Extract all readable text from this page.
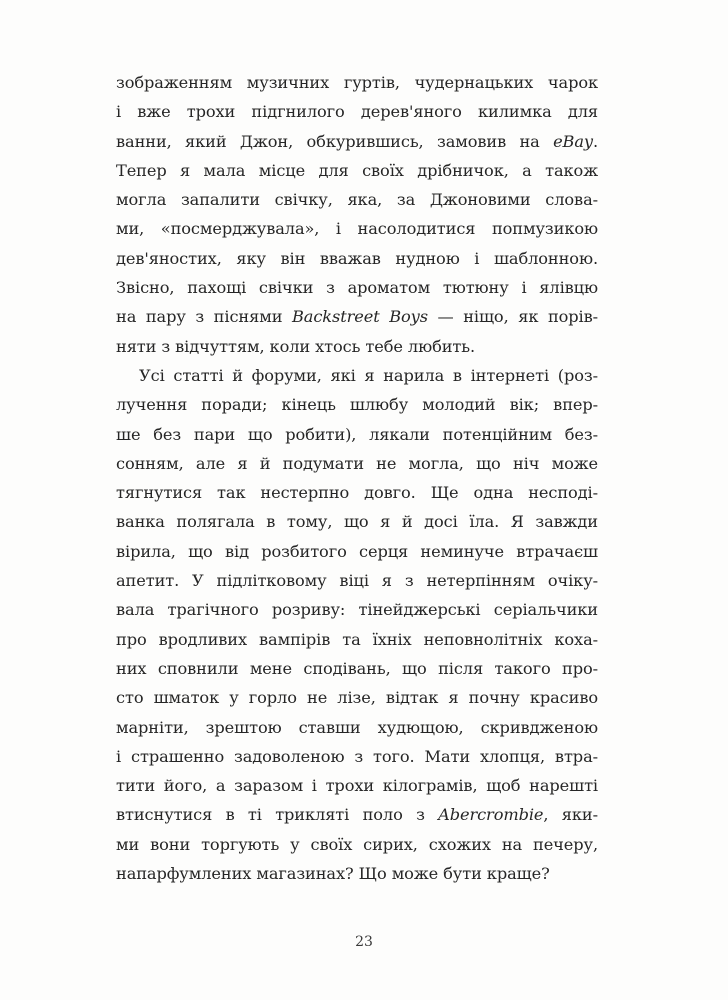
зображенням музичних гуртів, чудернацьких чарок
і вже трохи підгнилого дерев'яного килимка для
ванни, який Джон, обкурившись, замовив на eBay.
Тепер я мала місце для своїх дрібничок, а також
могла запалити свічку, яка, за Джоновими слова-
ми, «посмерджувала», і насолодитися попмузикою
дев'яностих, яку він вважав нудною і шаблонною.
Звісно, пахощі свічки з ароматом тютюну і ялівцю
на пару з піснями Backstreet Boys — ніщо, як порів-
няти з відчуттям, коли хтось тебе любить.
Усі статті й форуми, які я нарила в інтернеті (роз-
лучення поради; кінець шлюбу молодий вік; впер-
ше без пари що робити), лякали потенційним без-
сонням, але я й подумати не могла, що ніч може
тягнутися так нестерпно довго. Ще одна несподі-
ванка полягала в тому, що я й досі їла. Я завжди
вірила, що від розбитого серця неминуче втрачаєш
апетит. У підлітковому віці я з нетерпінням очіку-
вала трагічного розриву: тінейджерські серіальчики
про вродливих вампірів та їхніх неповнолітніх коха-
них сповнили мене сподівань, що після такого про-
сто шматок у горло не лізе, відтак я почну красиво
марніти, зрештою ставши худющою, скривдженою
і страшенно задоволеною з того. Мати хлопця, втра-
тити його, а заразом і трохи кілограмів, щоб нарешті
втиснутися в ті триклятi поло з Abercrombie, яки-
ми вони торгують у своїх сирих, схожих на печеру,
напарфумлених магазинах? Що може бути краще?
23
